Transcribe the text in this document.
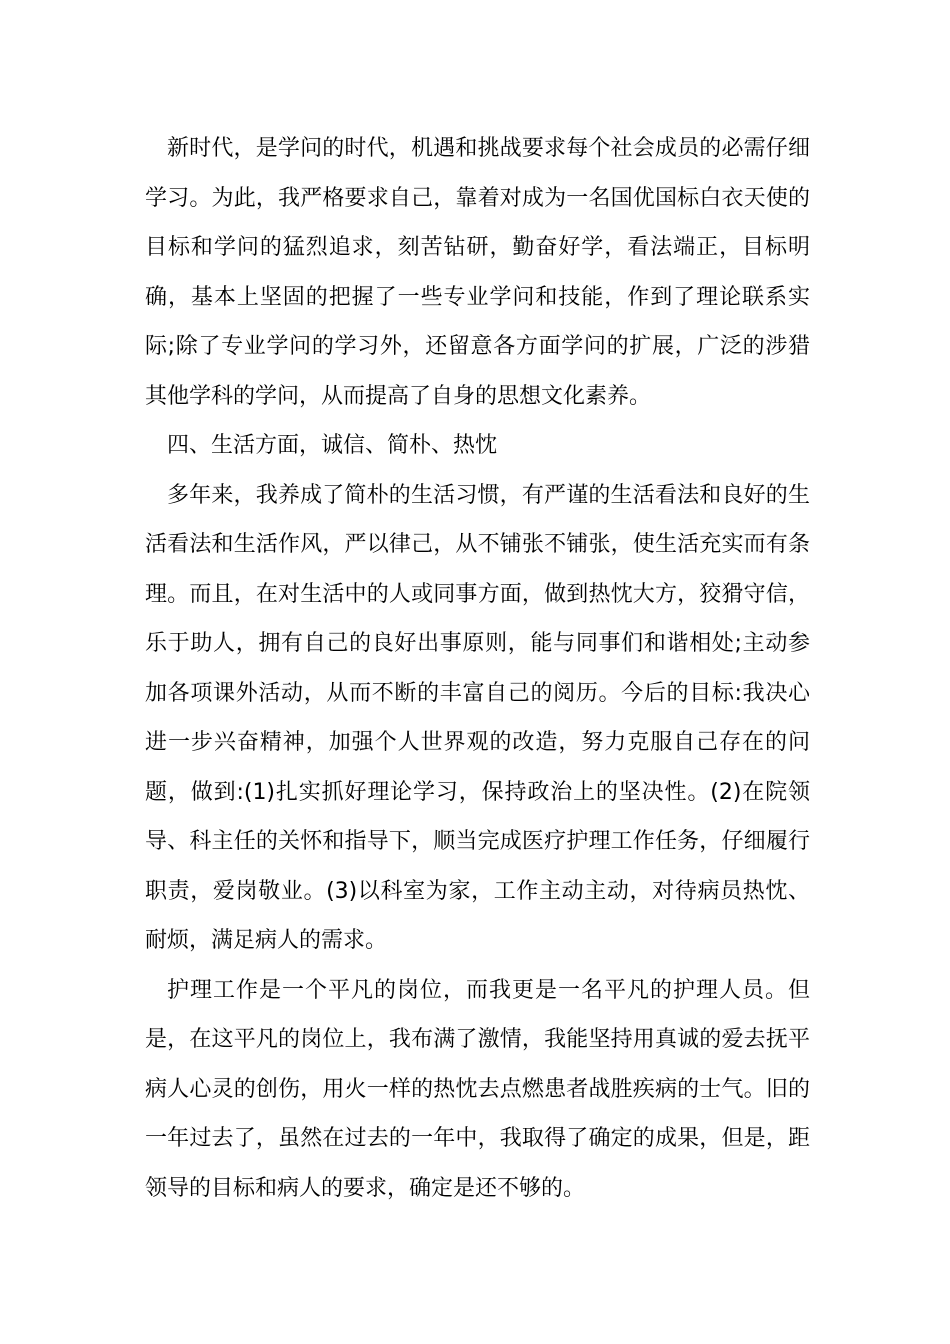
新时代，是学问的时代，机遇和挑战要求每个社会成员的必需仔细学习。为此，我严格要求自己，靠着对成为一名国优国标白衣天使的目标和学问的猛烈追求，刻苦钻研，勤奋好学，看法端正，目标明确，基本上坚固的把握了一些专业学问和技能，作到了理论联系实际;除了专业学问的学习外，还留意各方面学问的扩展，广泛的涉猎其他学科的学问，从而提高了自身的思想文化素养。

四、生活方面，诚信、简朴、热忱

多年来，我养成了简朴的生活习惯，有严谨的生活看法和良好的生活看法和生活作风，严以律己，从不铺张不铺张，使生活充实而有条理。而且，在对生活中的人或同事方面，做到热忱大方，狡猾守信，乐于助人，拥有自己的良好出事原则，能与同事们和谐相处;主动参加各项课外活动，从而不断的丰富自己的阅历。今后的目标:我决心进一步兴奋精神，加强个人世界观的改造，努力克服自己存在的问题，做到:(1)扎实抓好理论学习，保持政治上的坚决性。(2)在院领导、科主任的关怀和指导下，顺当完成医疗护理工作任务，仔细履行职责，爱岗敬业。(3)以科室为家，工作主动主动，对待病员热忱、耐烦，满足病人的需求。

护理工作是一个平凡的岗位，而我更是一名平凡的护理人员。但是，在这平凡的岗位上，我布满了激情，我能坚持用真诚的爱去抚平病人心灵的创伤，用火一样的热忱去点燃患者战胜疾病的士气。旧的一年过去了，虽然在过去的一年中，我取得了确定的成果，但是，距领导的目标和病人的要求，确定是还不够的。
